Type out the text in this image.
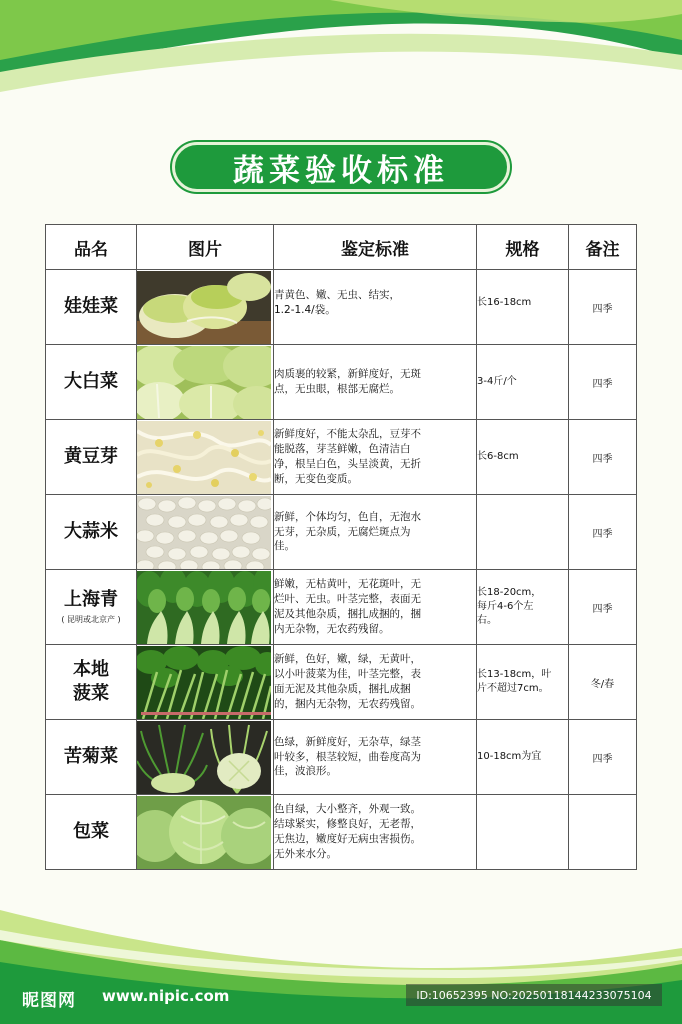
蔬菜验收标准
品名	图片	鉴定标准	规格	备注
娃娃菜		青黄色、嫩、无虫、结实，
1.2-1.4/袋。	长16-18cm	四季
大白菜		肉质裹的较紧，新鲜度好，无斑
点，无虫眼，根部无腐烂。	3-4斤/个	四季
黄豆芽		新鲜度好，不能太杂乱，豆芽不
能脱落，芽茎鲜嫩，色清洁白
净，根呈白色，头呈淡黄，无折
断，无变色变质。	长6-8cm	四季
大蒜米		新鲜，个体均匀，色自，无泡水
无芽，无杂质，无腐烂斑点为
佳。		四季
上海青
( 昆明或北京产 )		鲜嫩，无枯黄叶，无花斑叶，无
烂叶、无虫。叶茎完整，表面无
泥及其他杂质，捆扎成捆的，捆
内无杂物，无农药残留。	长18-20cm，
每斤4-6个左
右。	四季

本地
菠菜		新鲜，色好，嫩，绿，无黄叶，
以小叶菠菜为佳，叶茎完整，表
面无泥及其他杂质，捆扎成捆
的，捆内无杂物，无农药残留。	长13-18cm，叶
片不超过7cm。	冬/春
苦菊菜		色绿，新鲜度好，无杂草，绿茎
叶较多，根茎较短，曲卷度高为
佳，波浪形。	10-18cm为宜	四季
包菜		色自绿，大小整齐，外观一致。
结球紧实，修整良好，无老帮，
无焦边，嫩度好无病虫害损伤。
无外来水分。		

昵图网 www.nipic.com	ID:10652395 NO:20250118144233075104
